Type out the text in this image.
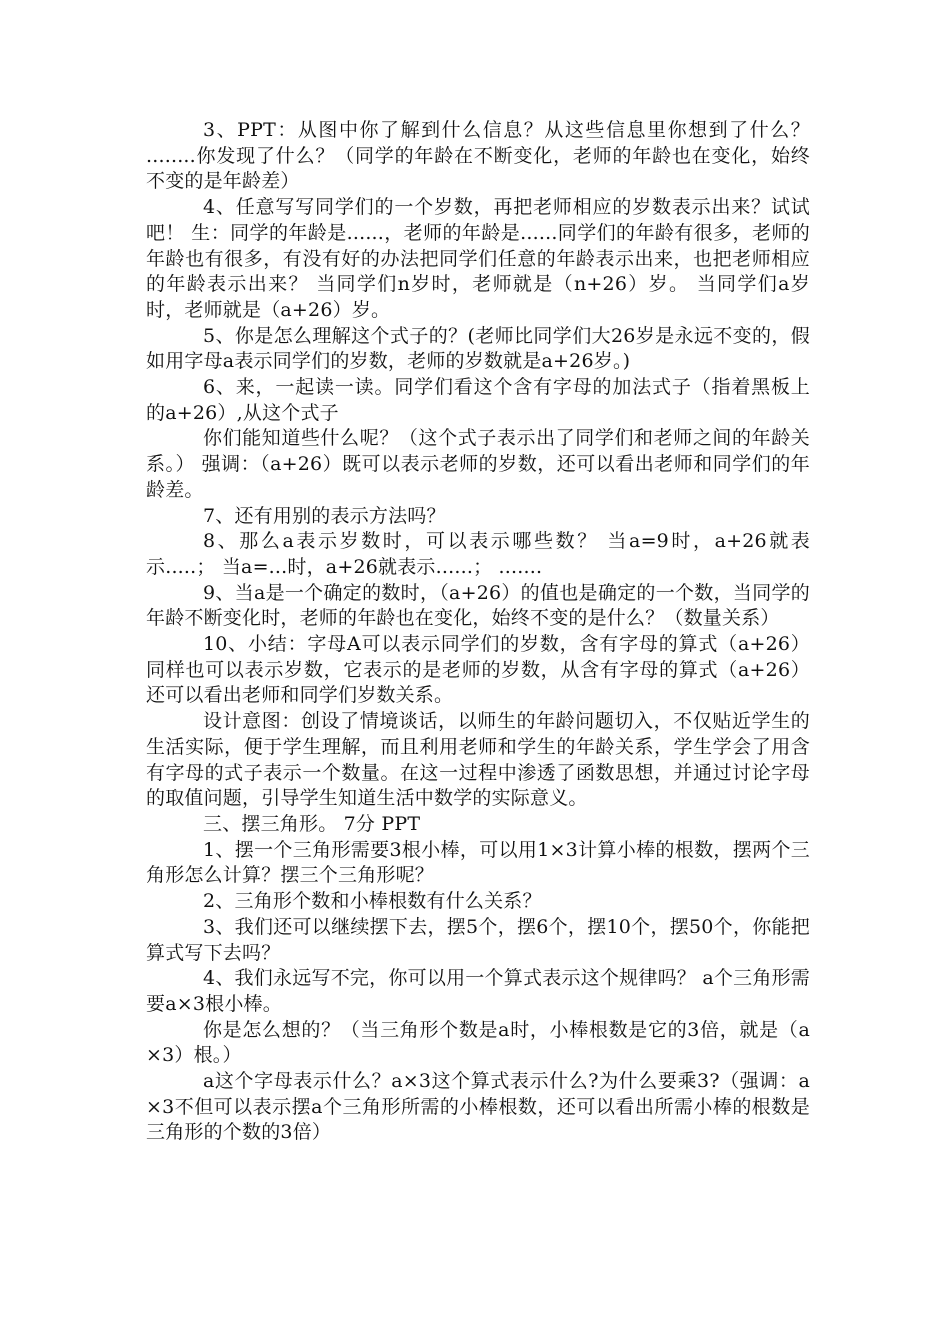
3、PPT：从图中你了解到什么信息？从这些信息里你想到了什么？ ........你发现了什么？（同学的年龄在不断变化，老师的年龄也在变化，始终不变的是年龄差）

4、任意写写同学们的一个岁数，再把老师相应的岁数表示出来？试试吧！ 生：同学的年龄是......，老师的年龄是......同学们的年龄有很多，老师的年龄也有很多，有没有好的办法把同学们任意的年龄表示出来，也把老师相应的年龄表示出来？ 当同学们n岁时，老师就是（n+26）岁。 当同学们a岁时，老师就是（a+26）岁。

5、你是怎么理解这个式子的？(老师比同学们大26岁是永远不变的，假如用字母a表示同学们的岁数，老师的岁数就是a+26岁。)

6、来，一起读一读。同学们看这个含有字母的加法式子（指着黑板上的a+26）,从这个式子

你们能知道些什么呢？（这个式子表示出了同学们和老师之间的年龄关系。） 强调：（a+26）既可以表示老师的岁数，还可以看出老师和同学们的年龄差。

7、还有用别的表示方法吗？

8、那么a表示岁数时，可以表示哪些数？ 当a=9时，a+26就表示.....； 当a=...时，a+26就表示......； .......

9、当a是一个确定的数时，（a+26）的值也是确定的一个数，当同学的年龄不断变化时，老师的年龄也在变化，始终不变的是什么？（数量关系）

10、小结：字母A可以表示同学们的岁数，含有字母的算式（a+26）同样也可以表示岁数，它表示的是老师的岁数，从含有字母的算式（a+26）还可以看出老师和同学们岁数关系。

设计意图：创设了情境谈话，以师生的年龄问题切入，不仅贴近学生的生活实际，便于学生理解，而且利用老师和学生的年龄关系，学生学会了用含有字母的式子表示一个数量。在这一过程中渗透了函数思想，并通过讨论字母的取值问题，引导学生知道生活中数学的实际意义。

三、摆三角形。 7分 PPT

1、摆一个三角形需要3根小棒，可以用1×3计算小棒的根数，摆两个三角形怎么计算？摆三个三角形呢？

2、三角形个数和小棒根数有什么关系？

3、我们还可以继续摆下去，摆5个，摆6个，摆10个，摆50个，你能把算式写下去吗？

4、我们永远写不完，你可以用一个算式表示这个规律吗？ a个三角形需要a×3根小棒。

你是怎么想的？（当三角形个数是a时，小棒根数是它的3倍，就是（a×3）根。）

a这个字母表示什么？a×3这个算式表示什么?为什么要乘3?（强调：a×3不但可以表示摆a个三角形所需的小棒根数，还可以看出所需小棒的根数是三角形的个数的3倍）
